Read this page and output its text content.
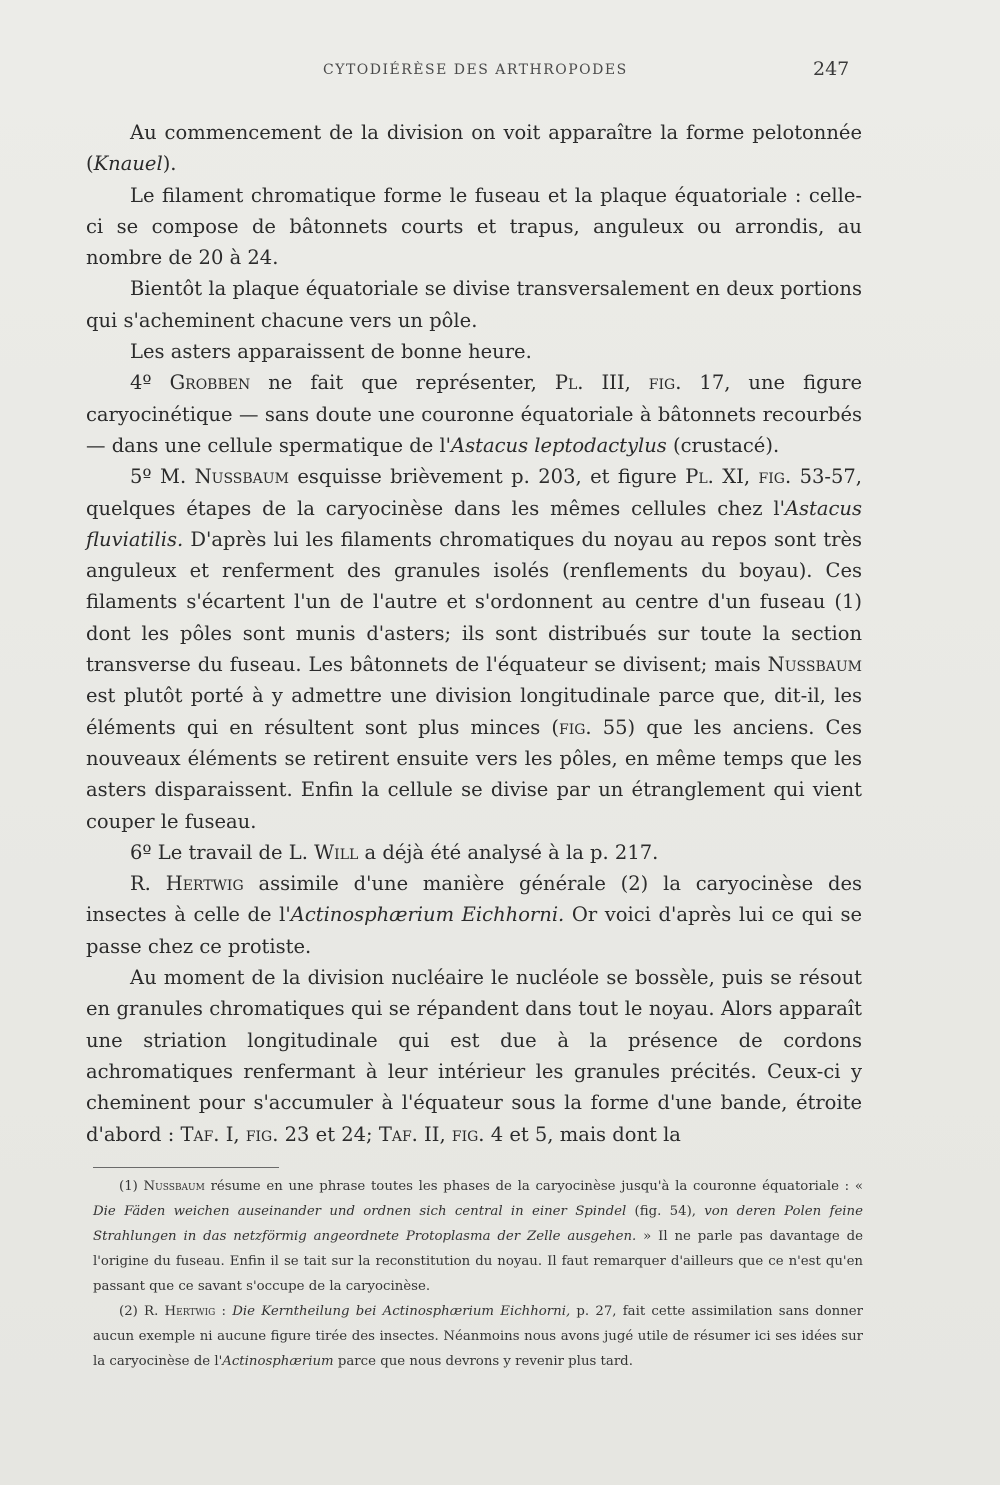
CYTODIÉRÈSE DES ARTHROPODES	247

Au commencement de la division on voit apparaître la forme pelotonnée (Knauel).

Le filament chromatique forme le fuseau et la plaque équatoriale : celle-ci se compose de bâtonnets courts et trapus, anguleux ou arrondis, au nombre de 20 à 24.

Bientôt la plaque équatoriale se divise transversalement en deux portions qui s'acheminent chacune vers un pôle.

Les asters apparaissent de bonne heure.

4º Grobben ne fait que représenter, Pl. III, fig. 17, une figure caryocinétique — sans doute une couronne équatoriale à bâtonnets recourbés — dans une cellule spermatique de l'Astacus leptodactylus (crustacé).

5º M. Nussbaum esquisse brièvement p. 203, et figure Pl. XI, fig. 53-57, quelques étapes de la caryocinèse dans les mêmes cellules chez l'Astacus fluviatilis. D'après lui les filaments chromatiques du noyau au repos sont très anguleux et renferment des granules isolés (renflements du boyau). Ces filaments s'écartent l'un de l'autre et s'ordonnent au centre d'un fuseau (1) dont les pôles sont munis d'asters; ils sont distribués sur toute la section transverse du fuseau. Les bâtonnets de l'équateur se divisent; mais Nussbaum est plutôt porté à y admettre une division longitudinale parce que, dit-il, les éléments qui en résultent sont plus minces (fig. 55) que les anciens. Ces nouveaux éléments se retirent ensuite vers les pôles, en même temps que les asters disparaissent. Enfin la cellule se divise par un étranglement qui vient couper le fuseau.

6º Le travail de L. Will a déjà été analysé à la p. 217.

R. Hertwig assimile d'une manière générale (2) la caryocinèse des insectes à celle de l'Actinosphærium Eichhorni. Or voici d'après lui ce qui se passe chez ce protiste.

Au moment de la division nucléaire le nucléole se bossèle, puis se résout en granules chromatiques qui se répandent dans tout le noyau. Alors apparaît une striation longitudinale qui est due à la présence de cordons achromatiques renfermant à leur intérieur les granules précités. Ceux-ci y cheminent pour s'accumuler à l'équateur sous la forme d'une bande, étroite d'abord : Taf. I, fig. 23 et 24; Taf. II, fig. 4 et 5, mais dont la

(1) Nussbaum résume en une phrase toutes les phases de la caryocinèse jusqu'à la couronne équatoriale : « Die Fäden weichen auseinander und ordnen sich central in einer Spindel (fig. 54), von deren Polen feine Strahlungen in das netzförmig angeordnete Protoplasma der Zelle ausgehen. » Il ne parle pas davantage de l'origine du fuseau. Enfin il se tait sur la reconstitution du noyau. Il faut remarquer d'ailleurs que ce n'est qu'en passant que ce savant s'occupe de la caryocinèse.

(2) R. Hertwig : Die Kerntheilung bei Actinosphærium Eichhorni, p. 27, fait cette assimilation sans donner aucun exemple ni aucune figure tirée des insectes. Néanmoins nous avons jugé utile de résumer ici ses idées sur la caryocinèse de l'Actinosphærium parce que nous devrons y revenir plus tard.
